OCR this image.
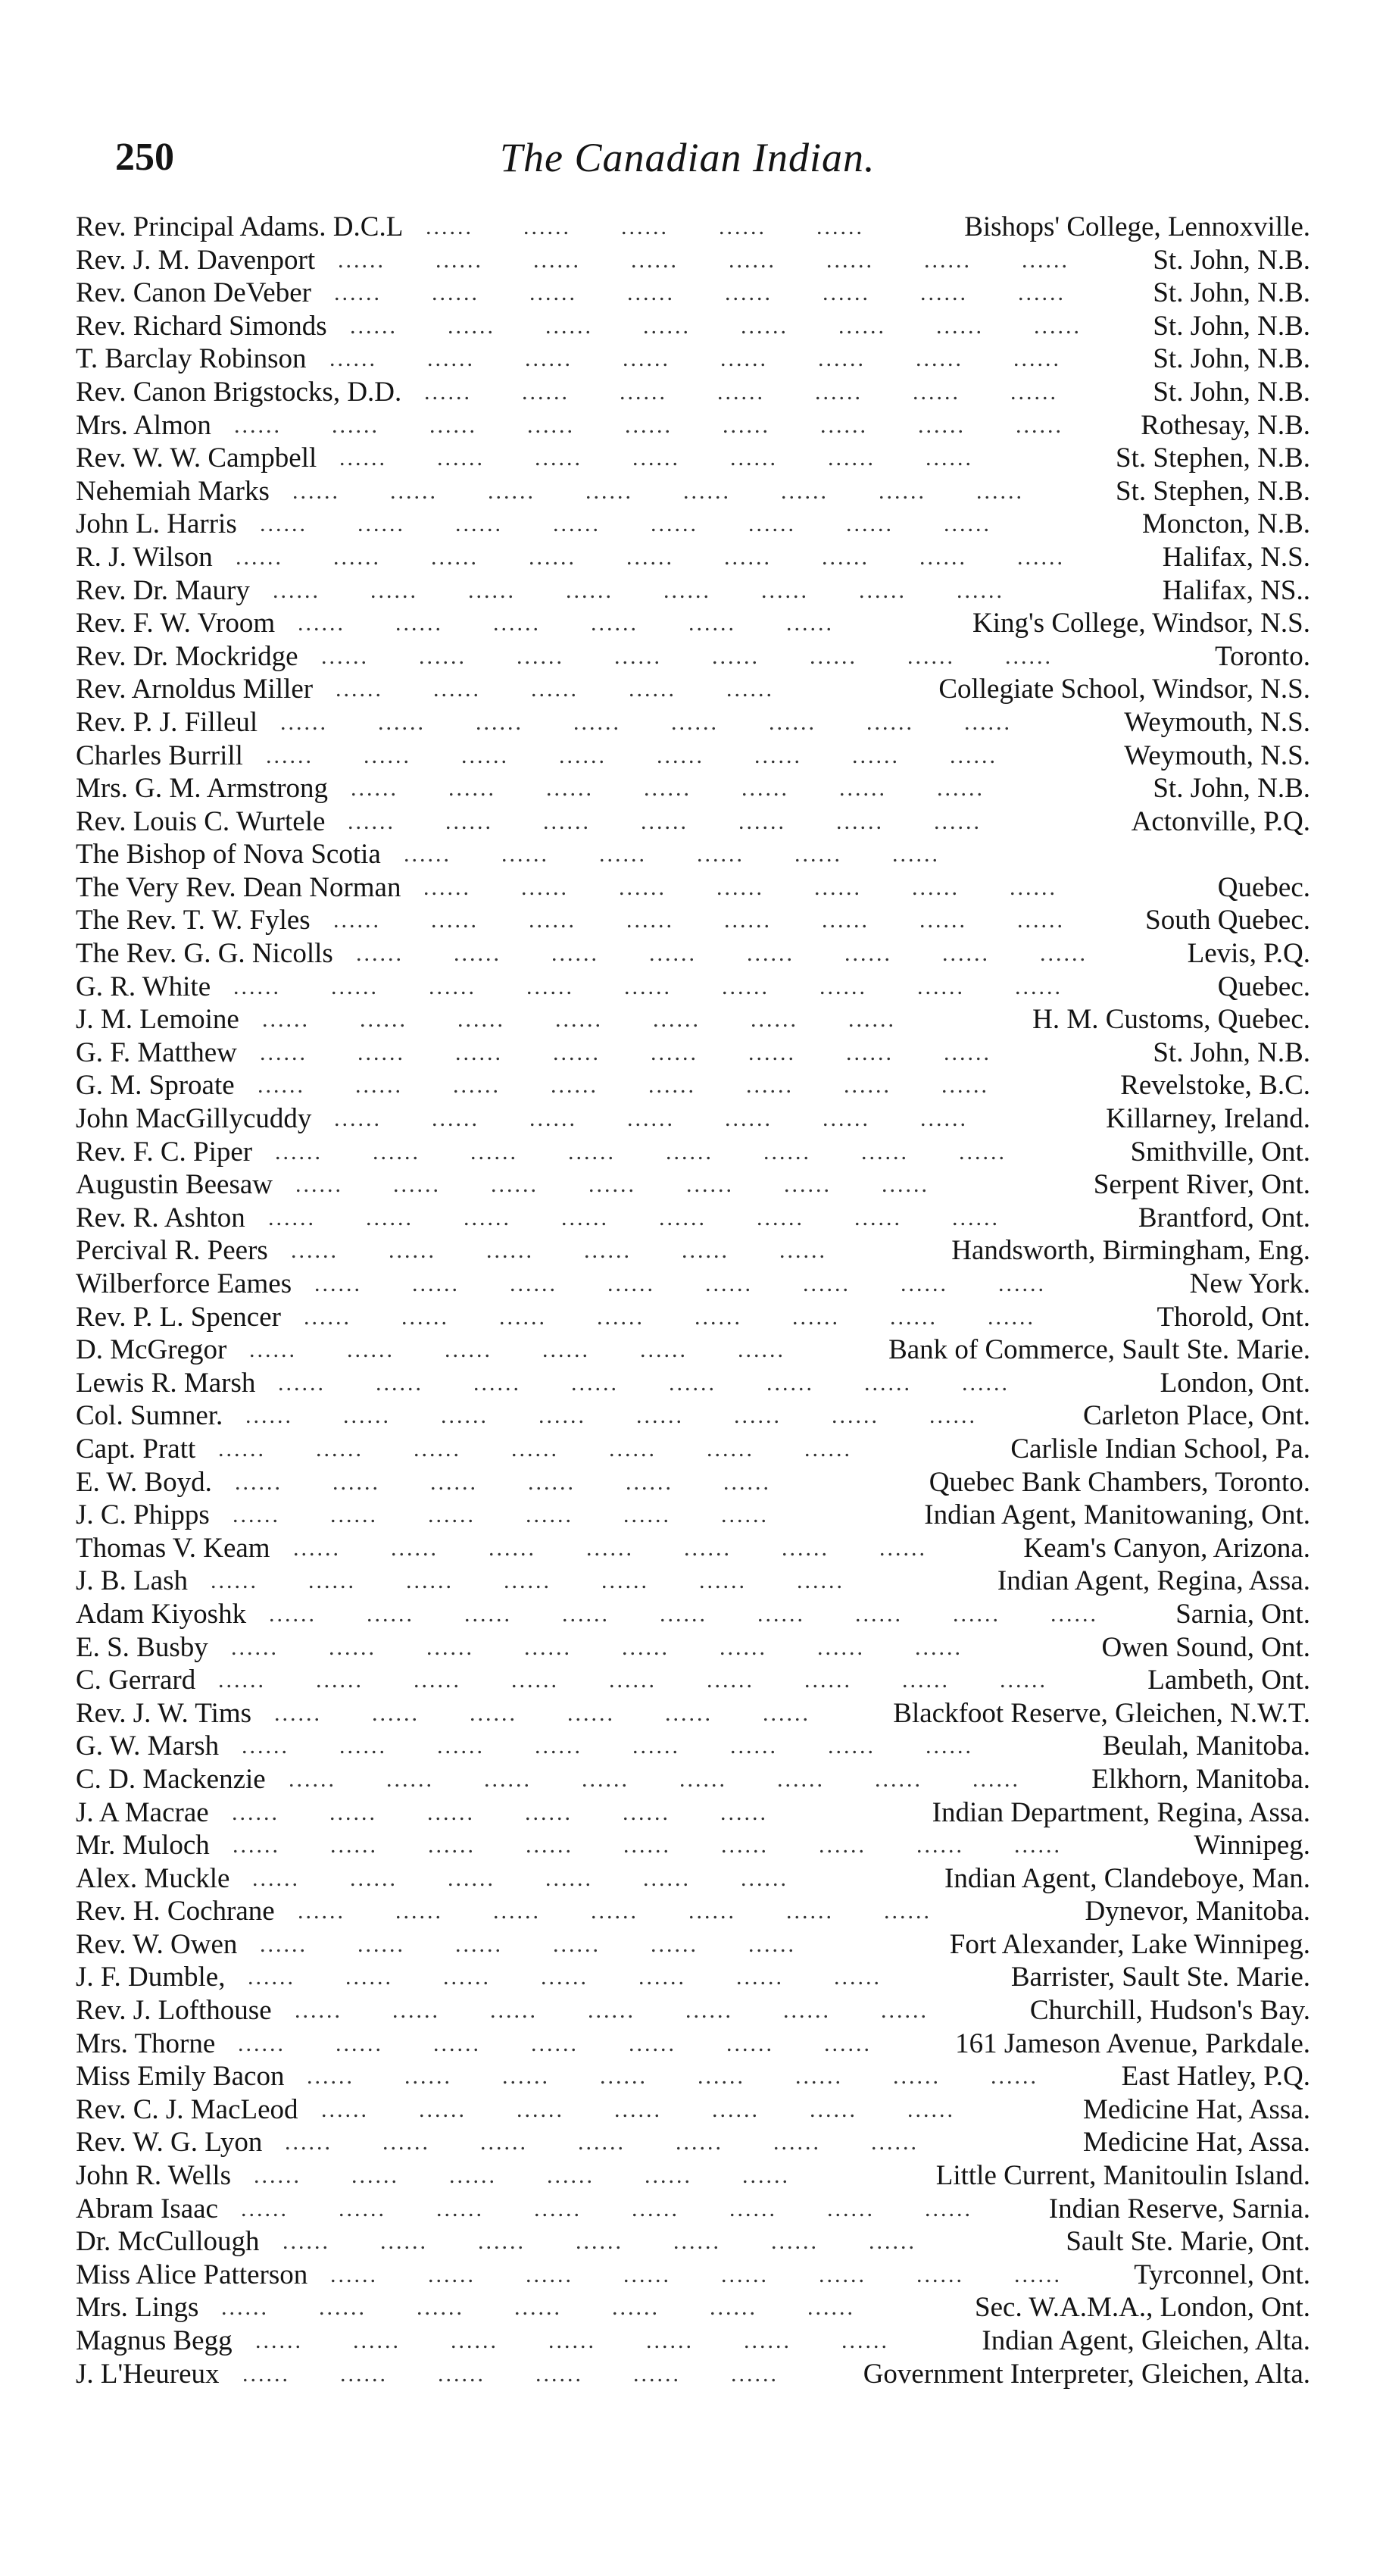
250	The Canadian Indian.
Rev. Principal Adams. D.C.L ......  ......  ......  ......  ......  	Bishops' College, Lennoxville.
Rev. J. M. Davenport ......  ......  ......  ......  ......  ......  ......  ......  	St. John, N.B.
Rev. Canon DeVeber ......  ......  ......  ......  ......  ......  ......  ......  	St. John, N.B.
Rev. Richard Simonds ......  ......  ......  ......  ......  ......  ......  ......   St. John, N.B.
T. Barclay Robinson ......  ......  ......  ......  ......  ......  ......  ......  	St. John, N.B.
Rev. Canon Brigstocks, D.D. ......  ......  ......  ......  ......  ......  ......  	St. John, N.B.
Mrs. Almon ......  ......  ......  ......  ......  ......  ......  ......  ......   Rothesay, N.B.
Rev. W. W. Campbell ......  ......  ......  ......  ......  ......  ......  	St. Stephen, N.B.
Nehemiah Marks ......  ......  ......  ......  ......  ......  ......  ......  	St. Stephen, N.B.
John L. Harris ......  ......  ......  ......  ......  ......  ......  ......  	Moncton, N.B.
R. J. Wilson ......  ......  ......  ......  ......  ......  ......  ......  ......  	Halifax, N.S.
Rev. Dr. Maury ......  ......  ......  ......  ......  ......  ......  ......  	Halifax, NS..
Rev. F. W. Vroom ......  ......  ......  ......  ......  ......  	King's College, Windsor, N.S.
Rev. Dr. Mockridge ......  ......  ......  ......  ......  ......  ......  ......  	Toronto.
Rev. Arnoldus Miller ......  ......  ......  ......  ......  	Collegiate School, Windsor, N.S.
Rev. P. J. Filleul ......  ......  ......  ......  ......  ......  ......  ......  	Weymouth, N.S.
Charles Burrill ......  ......  ......  ......  ......  ......  ......  ......  	Weymouth, N.S.
Mrs. G. M. Armstrong ......  ......  ......  ......  ......  ......  ......  	St. John, N.B.
Rev. Louis C. Wurtele ......  ......  ......  ......  ......  ......  ......  	Actonville, P.Q.
The Bishop of Nova Scotia ......  ......  ......  ......  ......  ......  
The Very Rev. Dean Norman ......  ......  ......  ......  ......  ......  ......  	Quebec.
The Rev. T. W. Fyles ......  ......  ......  ......  ......  ......  ......  ......  	South Quebec.
The Rev. G. G. Nicolls ......  ......  ......  ......  ......  ......  ......  ......  	Levis, P.Q.
G. R. White ......  ......  ......  ......  ......  ......  ......  ......  ......  	Quebec.
J. M. Lemoine ......  ......  ......  ......  ......  ......  ......  	H. M. Customs, Quebec.
G. F. Matthew ......  ......  ......  ......  ......  ......  ......  ......  	St. John, N.B.
G. M. Sproate ......  ......  ......  ......  ......  ......  ......  ......  	Revelstoke, B.C.
John MacGillycuddy ......  ......  ......  ......  ......  ......  ......  	Killarney, Ireland.
Rev. F. C. Piper ......  ......  ......  ......  ......  ......  ......  ......  	Smithville, Ont.
Augustin Beesaw ......  ......  ......  ......  ......  ......  ......  	Serpent River, Ont.
Rev. R. Ashton ......  ......  ......  ......  ......  ......  ......  ......  	Brantford, Ont.
Percival R. Peers ......  ......  ......  ......  ......  ......  	Handsworth, Birmingham, Eng.
Wilberforce Eames ......  ......  ......  ......  ......  ......  ......  ......  	New York.
Rev. P. L. Spencer ......  ......  ......  ......  ......  ......  ......  ......  	Thorold, Ont.
D. McGregor ......  ......  ......  ......  ......  ......  	Bank of Commerce, Sault Ste. Marie.
Lewis R. Marsh ......  ......  ......  ......  ......  ......  ......  ......  	London, Ont.
Col. Sumner. ......  ......  ......  ......  ......  ......  ......  ......  	Carleton Place, Ont.
Capt. Pratt ......  ......  ......  ......  ......  ......  ......  	Carlisle Indian School, Pa.
E. W. Boyd. ......  ......  ......  ......  ......  ......  	Quebec Bank Chambers, Toronto.
J. C. Phipps ......  ......  ......  ......  ......  ......  	Indian Agent, Manitowaning, Ont.
Thomas V. Keam ......  ......  ......  ......  ......  ......  ......  	Keam's Canyon, Arizona.
J. B. Lash ......  ......  ......  ......  ......  ......  ......  	Indian Agent, Regina, Assa.
Adam Kiyoshk ......  ......  ......  ......  ......  ......  ......  ......  ......   Sarnia, Ont.
E. S. Busby ......  ......  ......  ......  ......  ......  ......  ......  	Owen Sound, Ont.
C. Gerrard ......  ......  ......  ......  ......  ......  ......  ......  ......  	Lambeth, Ont.
Rev. J. W. Tims ......  ......  ......  ......  ......  ......  	Blackfoot Reserve, Gleichen, N.W.T.
G. W. Marsh ......  ......  ......  ......  ......  ......  ......  ......  	Beulah, Manitoba.
C. D. Mackenzie ......  ......  ......  ......  ......  ......  ......  ......   Elkhorn, Manitoba.
J. A Macrae ......  ......  ......  ......  ......  ......  	Indian Department, Regina, Assa.
Mr. Muloch ......  ......  ......  ......  ......  ......  ......  ......  ......  	Winnipeg.
Alex. Muckle ......  ......  ......  ......  ......  ......  	Indian Agent, Clandeboye, Man.
Rev. H. Cochrane ......  ......  ......  ......  ......  ......  ......  	Dynevor, Manitoba.
Rev. W. Owen ......  ......  ......  ......  ......  ......  	Fort Alexander, Lake Winnipeg.
J. F. Dumble, ......  ......  ......  ......  ......  ......  ......  	Barrister, Sault Ste. Marie.
Rev. J. Lofthouse ......  ......  ......  ......  ......  ......  ......  	Churchill, Hudson's Bay.
Mrs. Thorne ......  ......  ......  ......  ......  ......  ......  	161 Jameson Avenue, Parkdale.
Miss Emily Bacon ......  ......  ......  ......  ......  ......  ......  ......  	East Hatley, P.Q.
Rev. C. J. MacLeod ......  ......  ......  ......  ......  ......  ......  	Medicine Hat, Assa.
Rev. W. G. Lyon ......  ......  ......  ......  ......  ......  ......  	Medicine Hat, Assa.
John R. Wells ......  ......  ......  ......  ......  ......  	Little Current, Manitoulin Island.
Abram Isaac ......  ......  ......  ......  ......  ......  ......  ......   Indian Reserve, Sarnia.
Dr. McCullough ......  ......  ......  ......  ......  ......  ......  	Sault Ste. Marie, Ont.
Miss Alice Patterson ......  ......  ......  ......  ......  ......  ......  ......   Tyrconnel, Ont.
Mrs. Lings ......  ......  ......  ......  ......  ......  ......  	Sec. W.A.M.A., London, Ont.
Magnus Begg ......  ......  ......  ......  ......  ......  ......  	Indian Agent, Gleichen, Alta.
J. L'Heureux ......  ......  ......  ......  ......  ......  	Government Interpreter, Gleichen, Alta.
